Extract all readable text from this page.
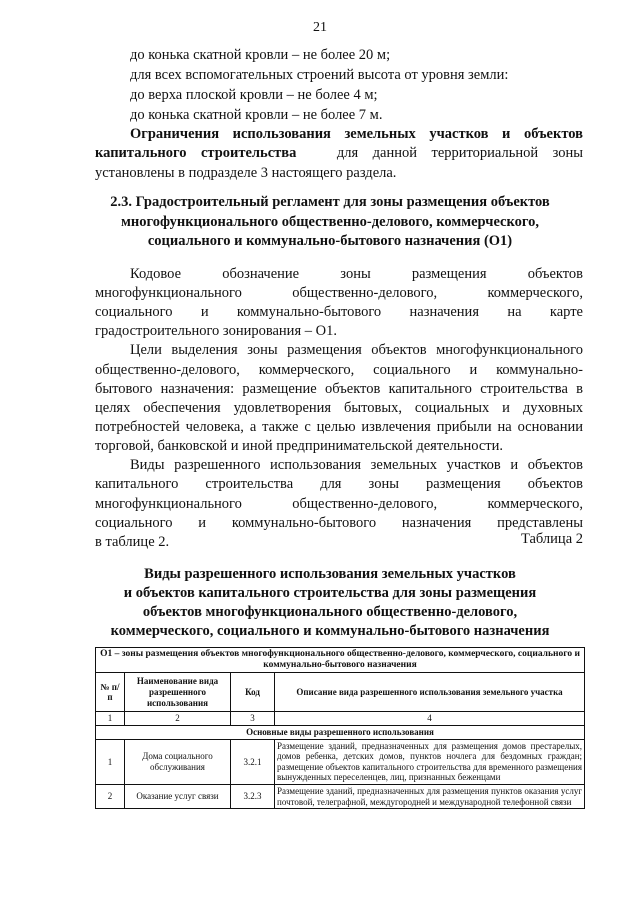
21
до конька скатной кровли – не более 20 м;
для всех вспомогательных строений высота от уровня земли:
до верха плоской кровли – не более 4 м;
до конька скатной кровли – не более 7 м.
Ограничения использования земельных участков и объектов
капитального строительства	для данной территориальной зоны
установлены в подразделе 3 настоящего раздела.
2.3. Градостроительный регламент для зоны размещения объектов
многофункционального общественно-делового, коммерческого,
социального и коммунально-бытового назначения (О1)
Кодовое обозначение зоны размещения объектов
многофункционального общественно-делового, коммерческого,
социального и коммунально-бытового назначения на карте
градостроительного зонирования – О1.
Цели выделения зоны размещения объектов многофункционального
общественно-делового, коммерческого, социального и коммунально-
бытового назначения: размещение объектов капитального строительства в
целях обеспечения удовлетворения бытовых, социальных и духовных
потребностей человека, а также с целью извлечения прибыли на основании
торговой, банковской и иной предпринимательской деятельности.
Виды разрешенного использования земельных участков и объектов
капитального строительства для зоны размещения объектов
многофункционального общественно-делового, коммерческого,
социального и коммунально-бытового назначения представлены
в таблице 2.	Таблица 2
Виды разрешенного использования земельных участков
и объектов капитального строительства для зоны размещения
объектов многофункционального общественно-делового,
коммерческого, социального и коммунально-бытового назначения
О1 – зоны размещения объектов многофункционального общественно-делового, коммерческого, социального и коммунально-бытового назначения			
№ п/п	Наименование вида разрешенного использования	Код	Описание вида разрешенного использования земельного участка
1	2	3	4
Основные виды разрешенного использования			
1	Дома социального обслуживания	3.2.1	Размещение зданий, предназначенных для размещения домов престарелых, домов ребенка, детских домов, пунктов ночлега для бездомных граждан; размещение объектов капитального строительства для временного размещения вынужденных переселенцев, лиц, признанных беженцами
2	Оказание услуг связи	3.2.3	Размещение зданий, предназначенных для размещения пунктов оказания услуг почтовой, телеграфной, междугородней и международной телефонной связи
